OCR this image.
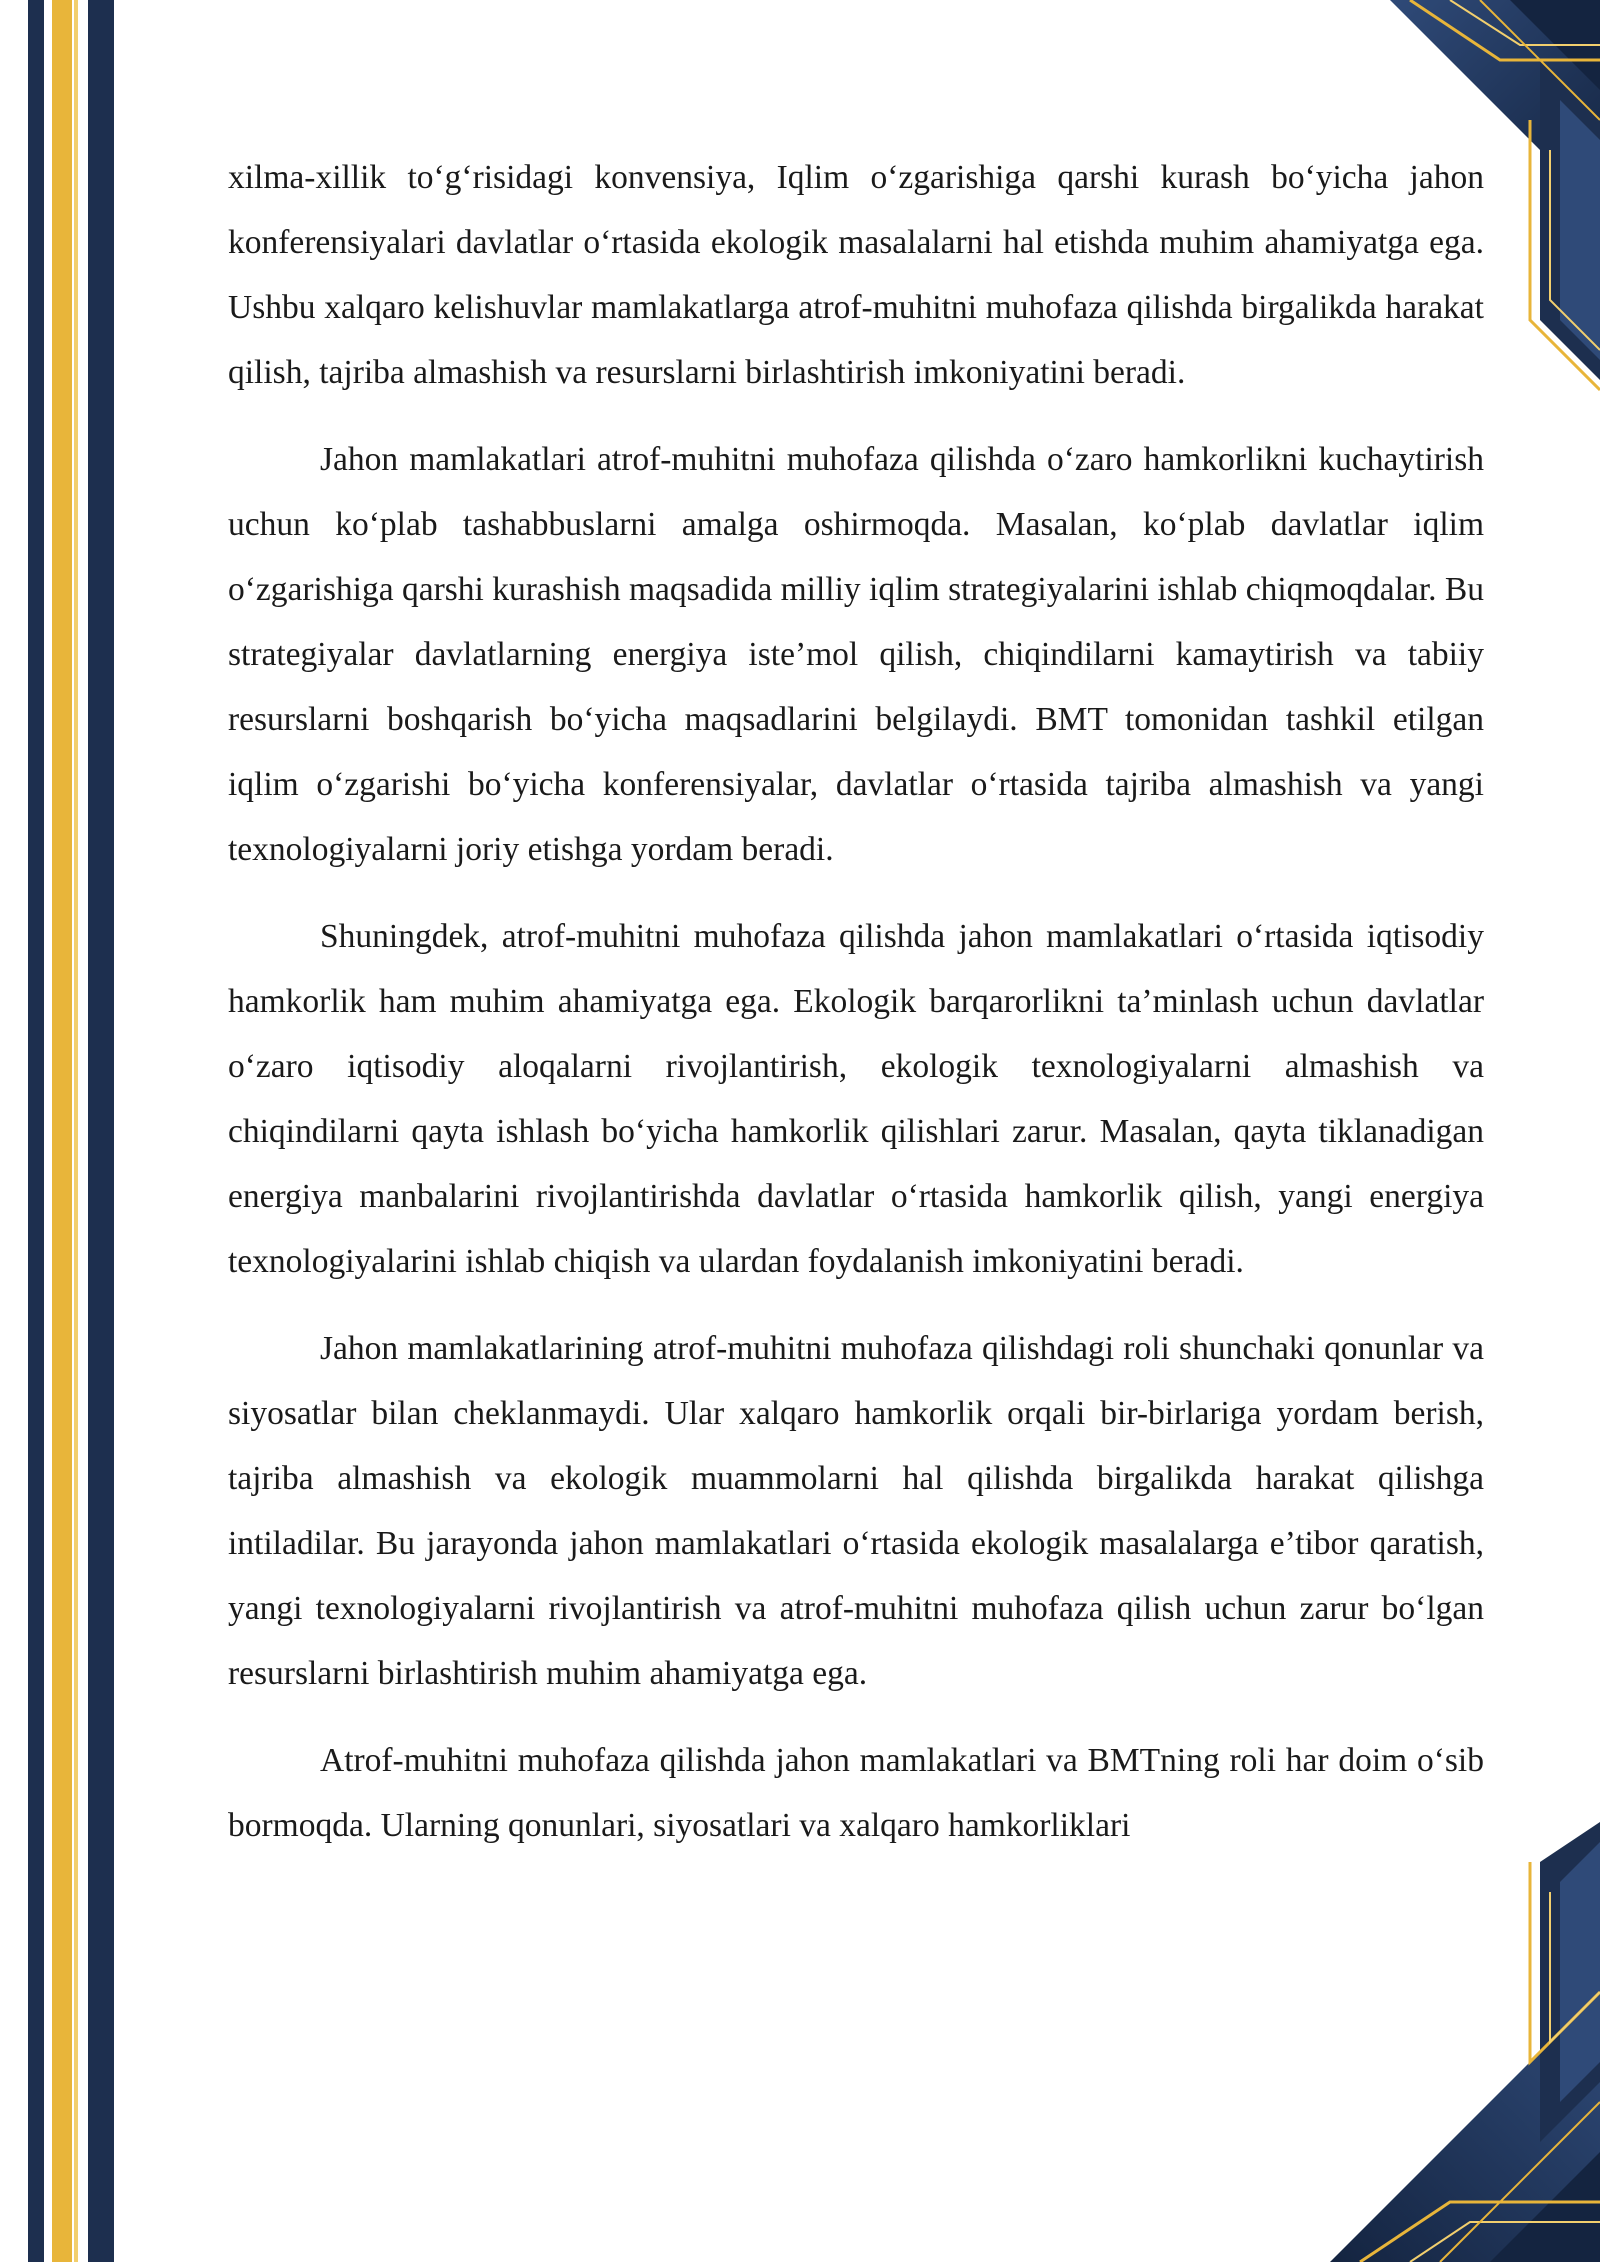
xilma-xillik to‘g‘risidagi konvensiya, Iqlim o‘zgarishiga qarshi kurash bo‘yicha jahon konferensiyalari davlatlar o‘rtasida ekologik masalalarni hal etishda muhim ahamiyatga ega. Ushbu xalqaro kelishuvlar mamlakatlarga atrof-muhitni muhofaza qilishda birgalikda harakat qilish, tajriba almashish va resurslarni birlashtirish imkoniyatini beradi.

Jahon mamlakatlari atrof-muhitni muhofaza qilishda o‘zaro hamkorlikni kuchaytirish uchun ko‘plab tashabbuslarni amalga oshirmoqda. Masalan, ko‘plab davlatlar iqlim o‘zgarishiga qarshi kurashish maqsadida milliy iqlim strategiyalarini ishlab chiqmoqdalar. Bu strategiyalar davlatlarning energiya iste’mol qilish, chiqindilarni kamaytirish va tabiiy resurslarni boshqarish bo‘yicha maqsadlarini belgilaydi. BMT tomonidan tashkil etilgan iqlim o‘zgarishi bo‘yicha konferensiyalar, davlatlar o‘rtasida tajriba almashish va yangi texnologiyalarni joriy etishga yordam beradi.

Shuningdek, atrof-muhitni muhofaza qilishda jahon mamlakatlari o‘rtasida iqtisodiy hamkorlik ham muhim ahamiyatga ega. Ekologik barqarorlikni ta’minlash uchun davlatlar o‘zaro iqtisodiy aloqalarni rivojlantirish, ekologik texnologiyalarni almashish va chiqindilarni qayta ishlash bo‘yicha hamkorlik qilishlari zarur. Masalan, qayta tiklanadigan energiya manbalarini rivojlantirishda davlatlar o‘rtasida hamkorlik qilish, yangi energiya texnologiyalarini ishlab chiqish va ulardan foydalanish imkoniyatini beradi.

Jahon mamlakatlarining atrof-muhitni muhofaza qilishdagi roli shunchaki qonunlar va siyosatlar bilan cheklanmaydi. Ular xalqaro hamkorlik orqali bir-birlariga yordam berish, tajriba almashish va ekologik muammolarni hal qilishda birgalikda harakat qilishga intiladilar. Bu jarayonda jahon mamlakatlari o‘rtasida ekologik masalalarga e’tibor qaratish, yangi texnologiyalarni rivojlantirish va atrof-muhitni muhofaza qilish uchun zarur bo‘lgan resurslarni birlashtirish muhim ahamiyatga ega.

Atrof-muhitni muhofaza qilishda jahon mamlakatlari va BMTning roli har doim o‘sib bormoqda. Ularning qonunlari, siyosatlari va xalqaro hamkorliklari
